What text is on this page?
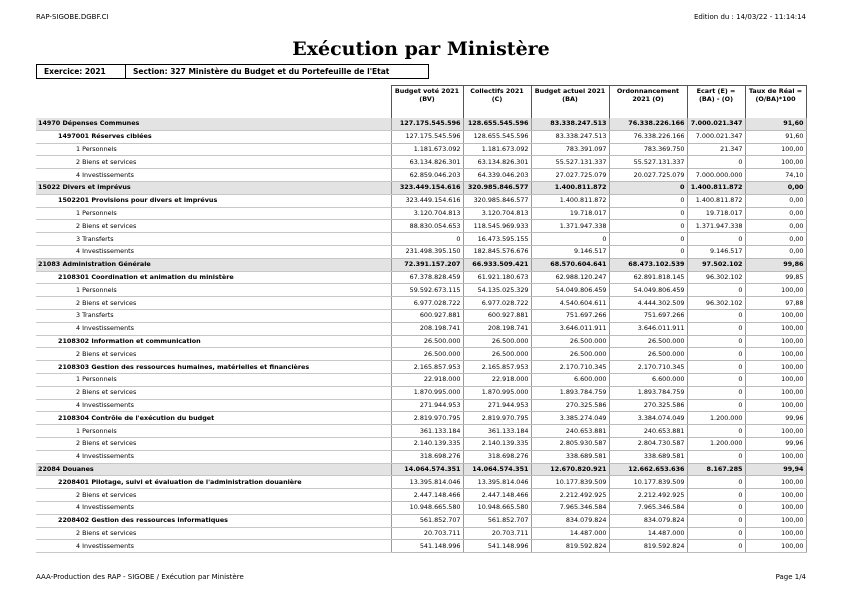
RAP-SIGOBE.DGBF.CI	Edition du : 14/03/22 - 11:14:14
Exécution par Ministère
Exercice: 2021	Section: 327 Ministère du Budget et du Portefeuille de l'Etat
	Budget voté 2021 (BV)	Collectifs 2021 (C)	Budget actuel 2021 (BA)	Ordonnancement 2021 (O)	Ecart (E) = (BA) - (O)	Taux de Réal = (O/BA)*100
14970 Dépenses Communes	127.175.545.596	128.655.545.596	83.338.247.513	76.338.226.166	7.000.021.347	91,60
1497001 Réserves ciblées	127.175.545.596	128.655.545.596	83.338.247.513	76.338.226.166	7.000.021.347	91,60
1 Personnels	1.181.673.092	1.181.673.092	783.391.097	783.369.750	21.347	100,00
2 Biens et services	63.134.826.301	63.134.826.301	55.527.131.337	55.527.131.337	0	100,00
4 Investissements	62.859.046.203	64.339.046.203	27.027.725.079	20.027.725.079	7.000.000.000	74,10
15022 Divers et imprévus	323.449.154.616	320.985.846.577	1.400.811.872	0	1.400.811.872	0,00
1502201 Provisions pour divers et imprévus	323.449.154.616	320.985.846.577	1.400.811.872	0	1.400.811.872	0,00
1 Personnels	3.120.704.813	3.120.704.813	19.718.017	0	19.718.017	0,00
2 Biens et services	88.830.054.653	118.545.969.933	1.371.947.338	0	1.371.947.338	0,00
3 Transferts	0	16.473.595.155	0	0	0	0,00
4 Investissements	231.498.395.150	182.845.576.676	9.146.517	0	9.146.517	0,00
21083 Administration Générale	72.391.157.207	66.933.509.421	68.570.604.641	68.473.102.539	97.502.102	99,86
2108301 Coordination et animation du ministère	67.378.828.459	61.921.180.673	62.988.120.247	62.891.818.145	96.302.102	99,85
1 Personnels	59.592.673.115	54.135.025.329	54.049.806.459	54.049.806.459	0	100,00
2 Biens et services	6.977.028.722	6.977.028.722	4.540.604.611	4.444.302.509	96.302.102	97,88
3 Transferts	600.927.881	600.927.881	751.697.266	751.697.266	0	100,00
4 Investissements	208.198.741	208.198.741	3.646.011.911	3.646.011.911	0	100,00
2108302 Information et communication	26.500.000	26.500.000	26.500.000	26.500.000	0	100,00
2 Biens et services	26.500.000	26.500.000	26.500.000	26.500.000	0	100,00
2108303 Gestion des ressources humaines, matérielles et financières	2.165.857.953	2.165.857.953	2.170.710.345	2.170.710.345	0	100,00
1 Personnels	22.918.000	22.918.000	6.600.000	6.600.000	0	100,00
2 Biens et services	1.870.995.000	1.870.995.000	1.893.784.759	1.893.784.759	0	100,00
4 Investissements	271.944.953	271.944.953	270.325.586	270.325.586	0	100,00
2108304 Contrôle de l'exécution du budget	2.819.970.795	2.819.970.795	3.385.274.049	3.384.074.049	1.200.000	99,96
1 Personnels	361.133.184	361.133.184	240.653.881	240.653.881	0	100,00
2 Biens et services	2.140.139.335	2.140.139.335	2.805.930.587	2.804.730.587	1.200.000	99,96
4 Investissements	318.698.276	318.698.276	338.689.581	338.689.581	0	100,00
22084 Douanes	14.064.574.351	14.064.574.351	12.670.820.921	12.662.653.636	8.167.285	99,94
2208401 Pilotage, suivi et évaluation de l'administration douanière	13.395.814.046	13.395.814.046	10.177.839.509	10.177.839.509	0	100,00
2 Biens et services	2.447.148.466	2.447.148.466	2.212.492.925	2.212.492.925	0	100,00
4 Investissements	10.948.665.580	10.948.665.580	7.965.346.584	7.965.346.584	0	100,00
2208402 Gestion des ressources informatiques	561.852.707	561.852.707	834.079.824	834.079.824	0	100,00
2 Biens et services	20.703.711	20.703.711	14.487.000	14.487.000	0	100,00
4 Investissements	541.148.996	541.148.996	819.592.824	819.592.824	0	100,00
AAA-Production des RAP - SIGOBE / Exécution par Ministère	Page 1/4
